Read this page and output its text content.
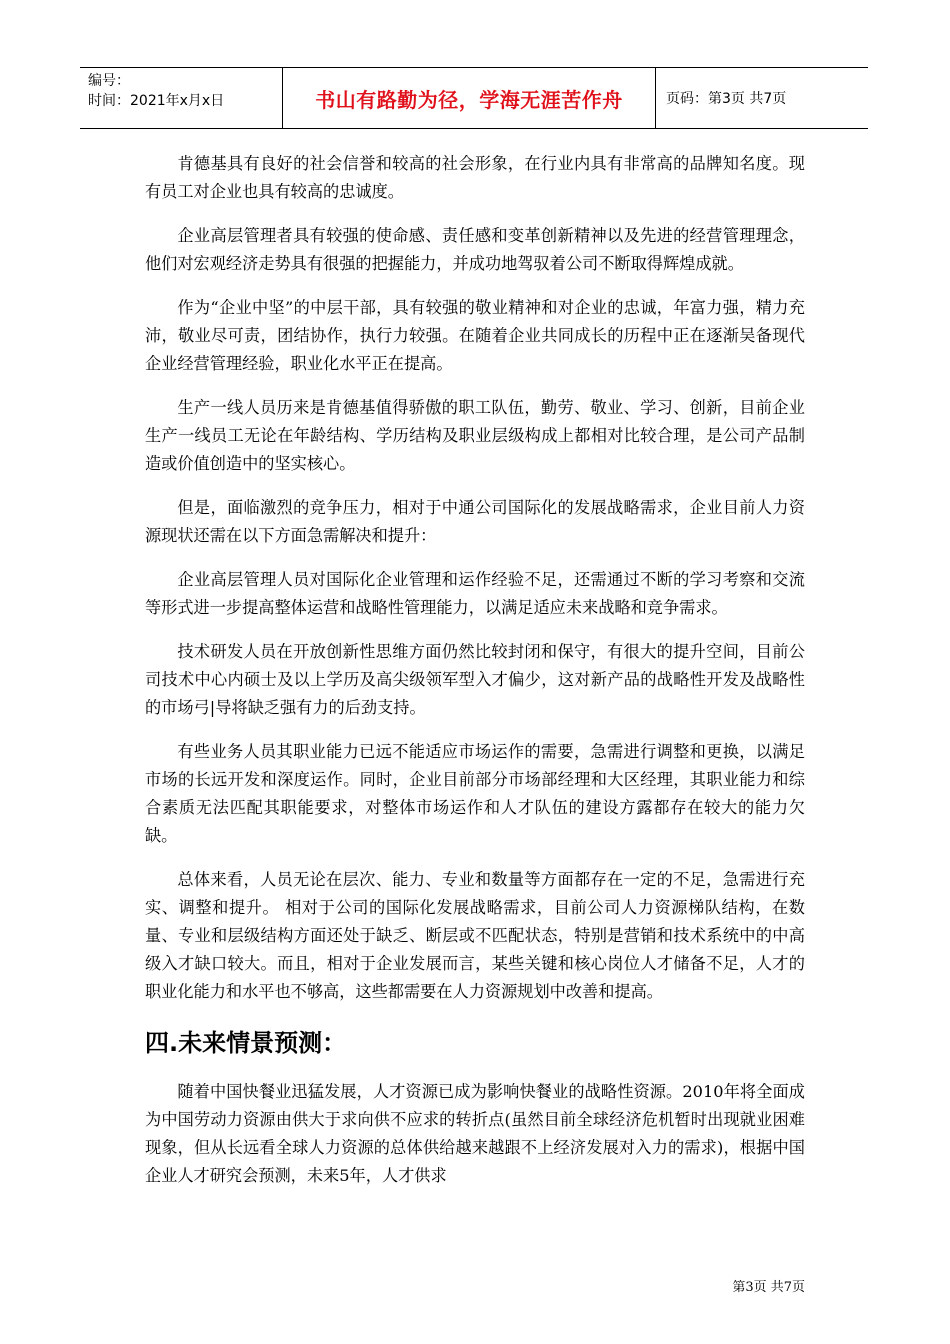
编号：
时间：2021年x月x日	书山有路勤为径，学海无涯苦作舟	页码：第3页 共7页

肯德基具有良好的社会信誉和较高的社会形象，在行业内具有非常高的品牌知名度。现有员工对企业也具有较高的忠诚度。

企业高层管理者具有较强的使命感、责任感和变革创新精神以及先进的经营管理理念，他们对宏观经济走势具有很强的把握能力，并成功地驾驭着公司不断取得辉煌成就。

作为“企业中坚”的中层干部，具有较强的敬业精神和对企业的忠诚，年富力强，精力充沛，敬业尽可责，团结协作，执行力较强。在随着企业共同成长的历程中正在逐渐吴备现代企业经营管理经验，职业化水平正在提高。

生产一线人员历来是肯德基值得骄傲的职工队伍，勤劳、敬业、学习、创新，目前企业生产一线员工无论在年龄结构、学历结构及职业层级构成上都相对比较合理，是公司产品制造或价值创造中的坚实核心。

但是，面临激烈的竞争压力，相对于中通公司国际化的发展战略需求，企业目前人力资源现状还需在以下方面急需解决和提升：

企业高层管理人员对国际化企业管理和运作经验不足，还需通过不断的学习考察和交流等形式进一步提高整体运营和战略性管理能力，以满足适应未来战略和竞争需求。

技术研发人员在开放创新性思维方面仍然比较封闭和保守，有很大的提升空间，目前公司技术中心内硕士及以上学历及高尖级领军型入才偏少，这对新产品的战略性开发及战略性的市场弓|导将缺乏强有力的后劲支持。

有些业务人员其职业能力已远不能适应市场运作的需要，急需进行调整和更换，以满足市场的长远开发和深度运作。同时，企业目前部分市场部经理和大区经理，其职业能力和综合素质无法匹配其职能要求，对整体市场运作和人才队伍的建设方露都存在较大的能力欠缺。

总体来看，人员无论在层次、能力、专业和数量等方面都存在一定的不足，急需进行充实、调整和提升。 相对于公司的国际化发展战略需求，目前公司人力资源梯队结构，在数量、专业和层级结构方面还处于缺乏、断层或不匹配状态，特别是营销和技术系统中的中高级入才缺口较大。而且，相对于企业发展而言，某些关键和核心岗位人才储备不足，人才的职业化能力和水平也不够高，这些都需要在人力资源规划中改善和提高。

四.未来情景预测：

随着中国快餐业迅猛发展，人才资源已成为影响快餐业的战略性资源。2010年将全面成为中国劳动力资源由供大于求向供不应求的转折点(虽然目前全球经济危机暂时出现就业困难现象，但从长远看全球人力资源的总体供给越来越跟不上经济发展对入力的需求)，根据中国企业人才研究会预测，未来5年，人才供求

第3页 共7页
